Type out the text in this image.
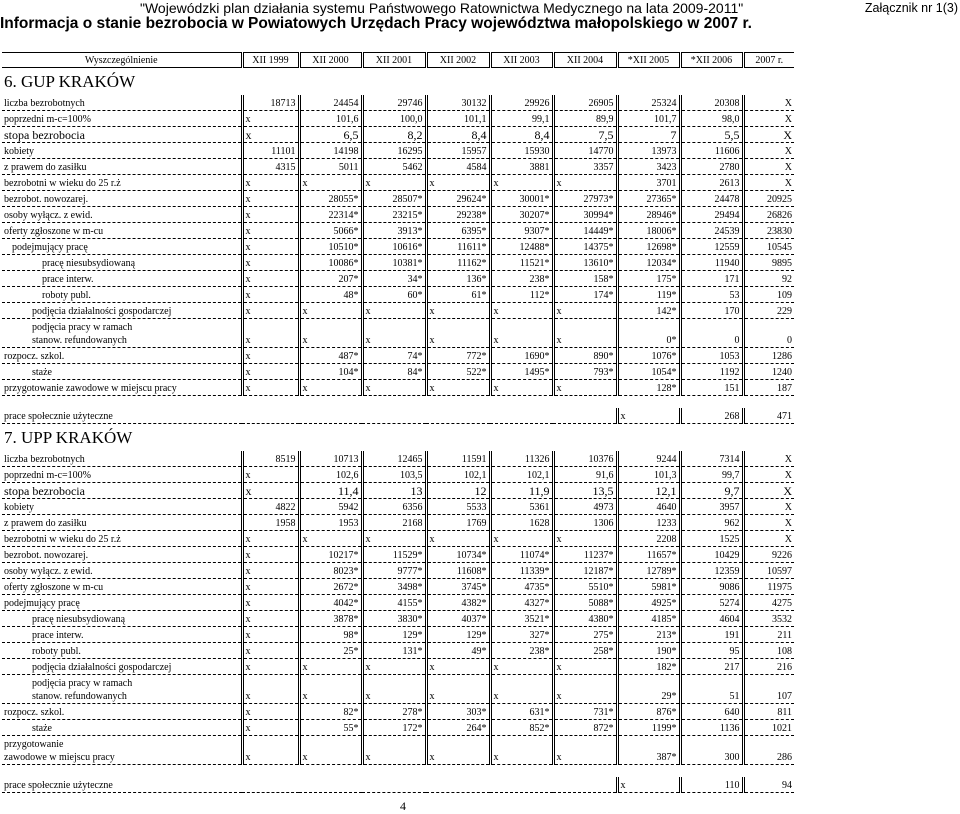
"Wojewódzki plan działania systemu Państwowego Ratownictwa Medycznego na lata 2009-2011"
Informacja o stanie bezrobocia w Powiatowych Urzędach Pracy województwa małopolskiego w 2007 r.
Załącznik nr 1(3)
Wyszczególnienie	XII 1999	XII 2000	XII 2001	XII 2002	XII 2003	XII 2004	*XII 2005	*XII 2006	2007 r.
6. GUP KRAKÓW									
liczba bezrobotnych	18713	24454	29746	30132	29926	26905	25324	20308	X
poprzedni m-c=100%	x	101,6	100,0	101,1	99,1	89,9	101,7	98,0	X
stopa bezrobocia	x	6,5	8,2	8,4	8,4	7,5	7	5,5	X
kobiety	11101	14198	16295	15957	15930	14770	13973	11606	X
z prawem do zasiłku	4315	5011	5462	4584	3881	3357	3423	2780	X
bezrobotni w wieku do 25 r.ż	x	x	x	x	x	x	3701	2613	X
bezrobot. nowozarej.	x	28055*	28507*	29624*	30001*	27973*	27365*	24478	20925
osoby wyłącz. z ewid.	x	22314*	23215*	29238*	30207*	30994*	28946*	29494	26826
oferty zgłoszone w m-cu	x	5066*	3913*	6395*	9307*	14449*	18006*	24539	23830
podejmujący pracę	x	10510*	10616*	11611*	12488*	14375*	12698*	12559	10545
pracę niesubsydiowaną	x	10086*	10381*	11162*	11521*	13610*	12034*	11940	9895
prace interw.	x	207*	34*	136*	238*	158*	175*	171	92
roboty publ.	x	48*	60*	61*	112*	174*	119*	53	109
podjęcia działalności gospodarczej	x	x	x	x	x	x	142*	170	229

podjęcia pracy w ramach
stanow. refundowanych	x	x	x	x	x	x	0*	0	0
rozpocz. szkol.	x	487*	74*	772*	1690*	890*	1076*	1053	1286
staże	x	104*	84*	522*	1495*	793*	1054*	1192	1240
przygotowanie zawodowe w miejscu pracy	x	x	x	x	x	x	128*	151	187

prace społecznie użyteczne							x	268	471
7. UPP KRAKÓW									
liczba bezrobotnych	8519	10713	12465	11591	11326	10376	9244	7314	X
poprzedni m-c=100%	x	102,6	103,5	102,1	102,1	91,6	101,3	99,7	X
stopa bezrobocia	x	11,4	13	12	11,9	13,5	12,1	9,7	X
kobiety	4822	5942	6356	5533	5361	4973	4640	3957	X
z prawem do zasiłku	1958	1953	2168	1769	1628	1306	1233	962	X
bezrobotni w wieku do 25 r.ż	x	x	x	x	x	x	2208	1525	X
bezrobot. nowozarej.	x	10217*	11529*	10734*	11074*	11237*	11657*	10429	9226
osoby wyłącz. z ewid.	x	8023*	9777*	11608*	11339*	12187*	12789*	12359	10597
oferty zgłoszone w m-cu	x	2672*	3498*	3745*	4735*	5510*	5981*	9086	11975
podejmujący pracę	x	4042*	4155*	4382*	4327*	5088*	4925*	5274	4275
pracę niesubsydiowaną	x	3878*	3830*	4037*	3521*	4380*	4185*	4604	3532
prace interw.	x	98*	129*	129*	327*	275*	213*	191	211
roboty publ.	x	25*	131*	49*	238*	258*	190*	95	108
podjęcia działalności gospodarczej	x	x	x	x	x	x	182*	217	216

podjęcia pracy w ramach
stanow. refundowanych	x	x	x	x	x	x	29*	51	107
rozpocz. szkol.	x	82*	278*	303*	631*	731*	876*	640	811
staże	x	55*	172*	264*	852*	872*	1199*	1136	1021

przygotowanie
zawodowe w miejscu pracy	x	x	x	x	x	x	387*	300	286

prace społecznie użyteczne							x	110	94
4
